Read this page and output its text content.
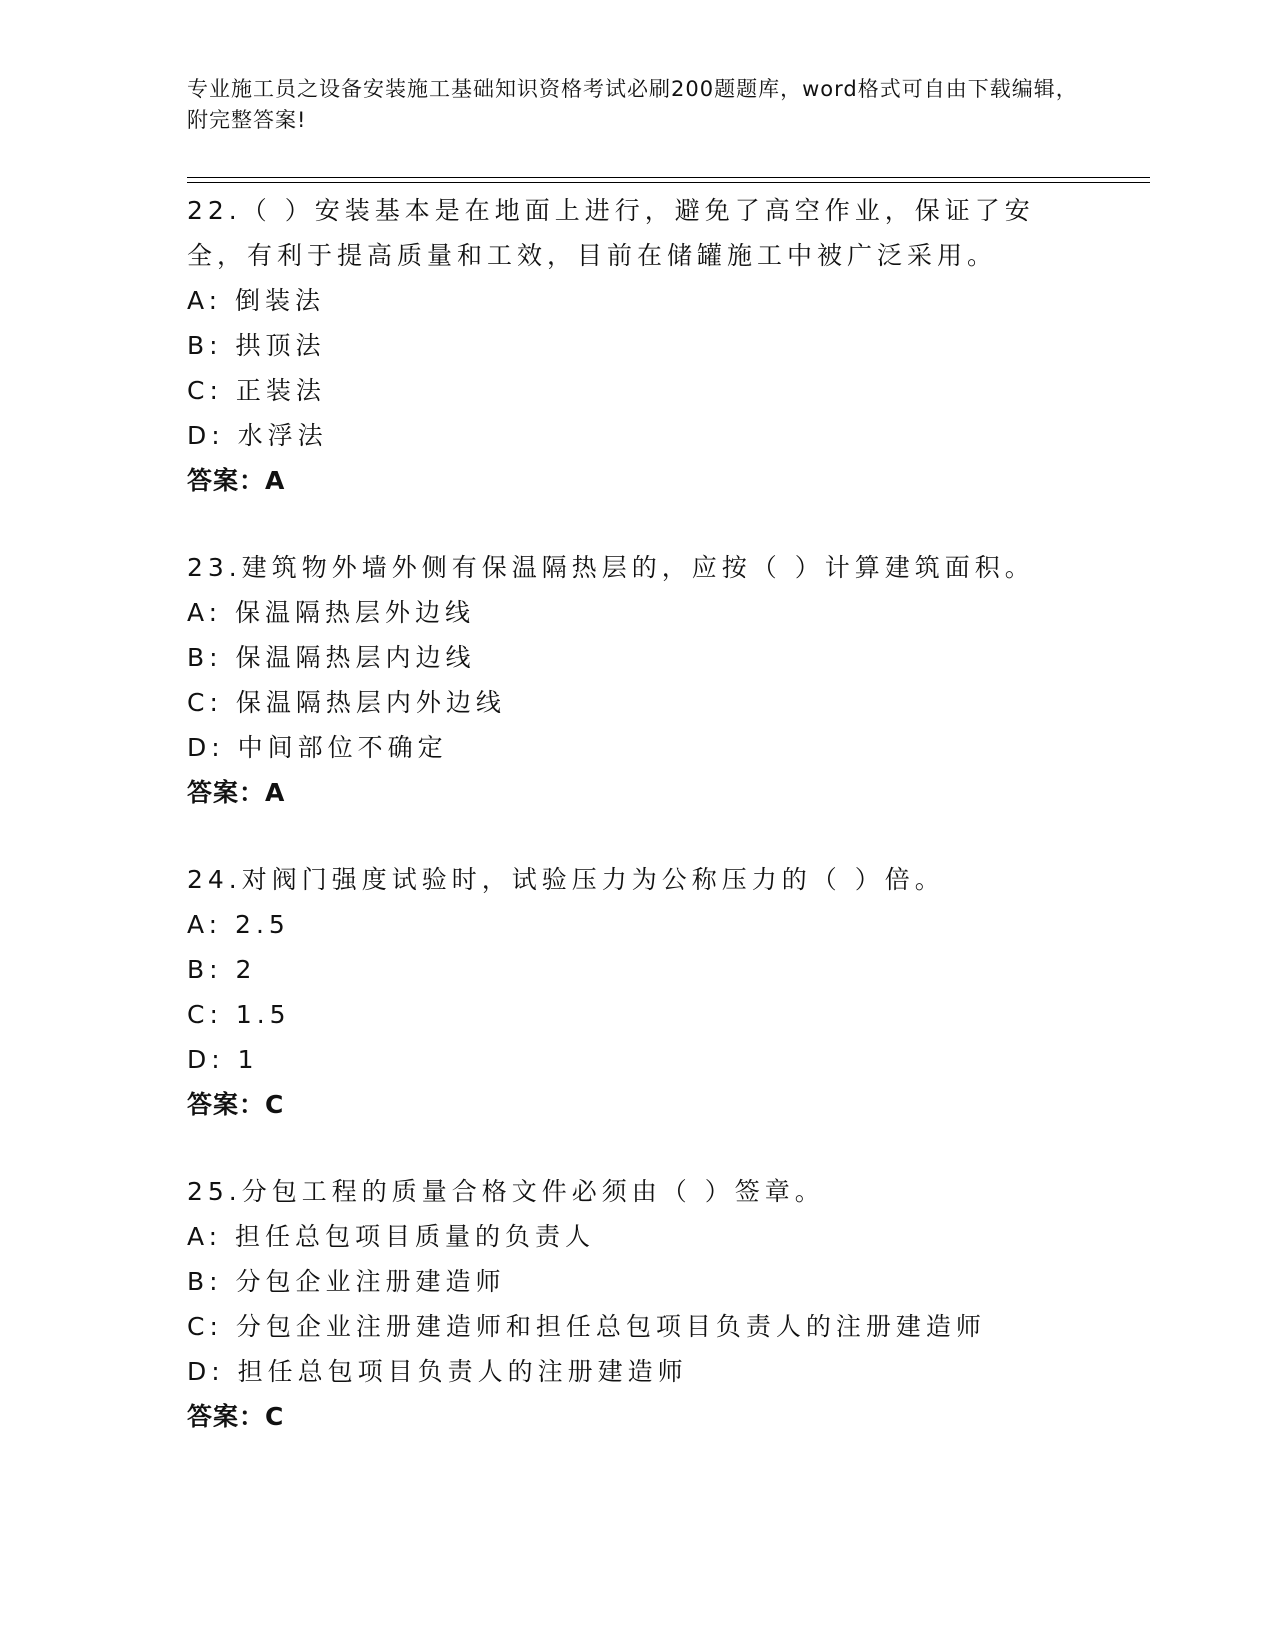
专业施工员之设备安装施工基础知识资格考试必刷200题题库，word格式可自由下载编辑，附完整答案!

22.（ ）安装基本是在地面上进行，避免了高空作业，保证了安全，有利于提高质量和工效，目前在储罐施工中被广泛采用。

A: 倒装法

B: 拱顶法

C: 正装法

D: 水浮法

答案：A

23.建筑物外墙外侧有保温隔热层的，应按（ ）计算建筑面积。

A: 保温隔热层外边线

B: 保温隔热层内边线

C: 保温隔热层内外边线

D: 中间部位不确定

答案：A

24.对阀门强度试验时，试验压力为公称压力的（ ）倍。

A: 2.5

B: 2

C: 1.5

D: 1

答案：C

25.分包工程的质量合格文件必须由（ ）签章。

A: 担任总包项目质量的负责人

B: 分包企业注册建造师

C: 分包企业注册建造师和担任总包项目负责人的注册建造师

D: 担任总包项目负责人的注册建造师

答案：C
